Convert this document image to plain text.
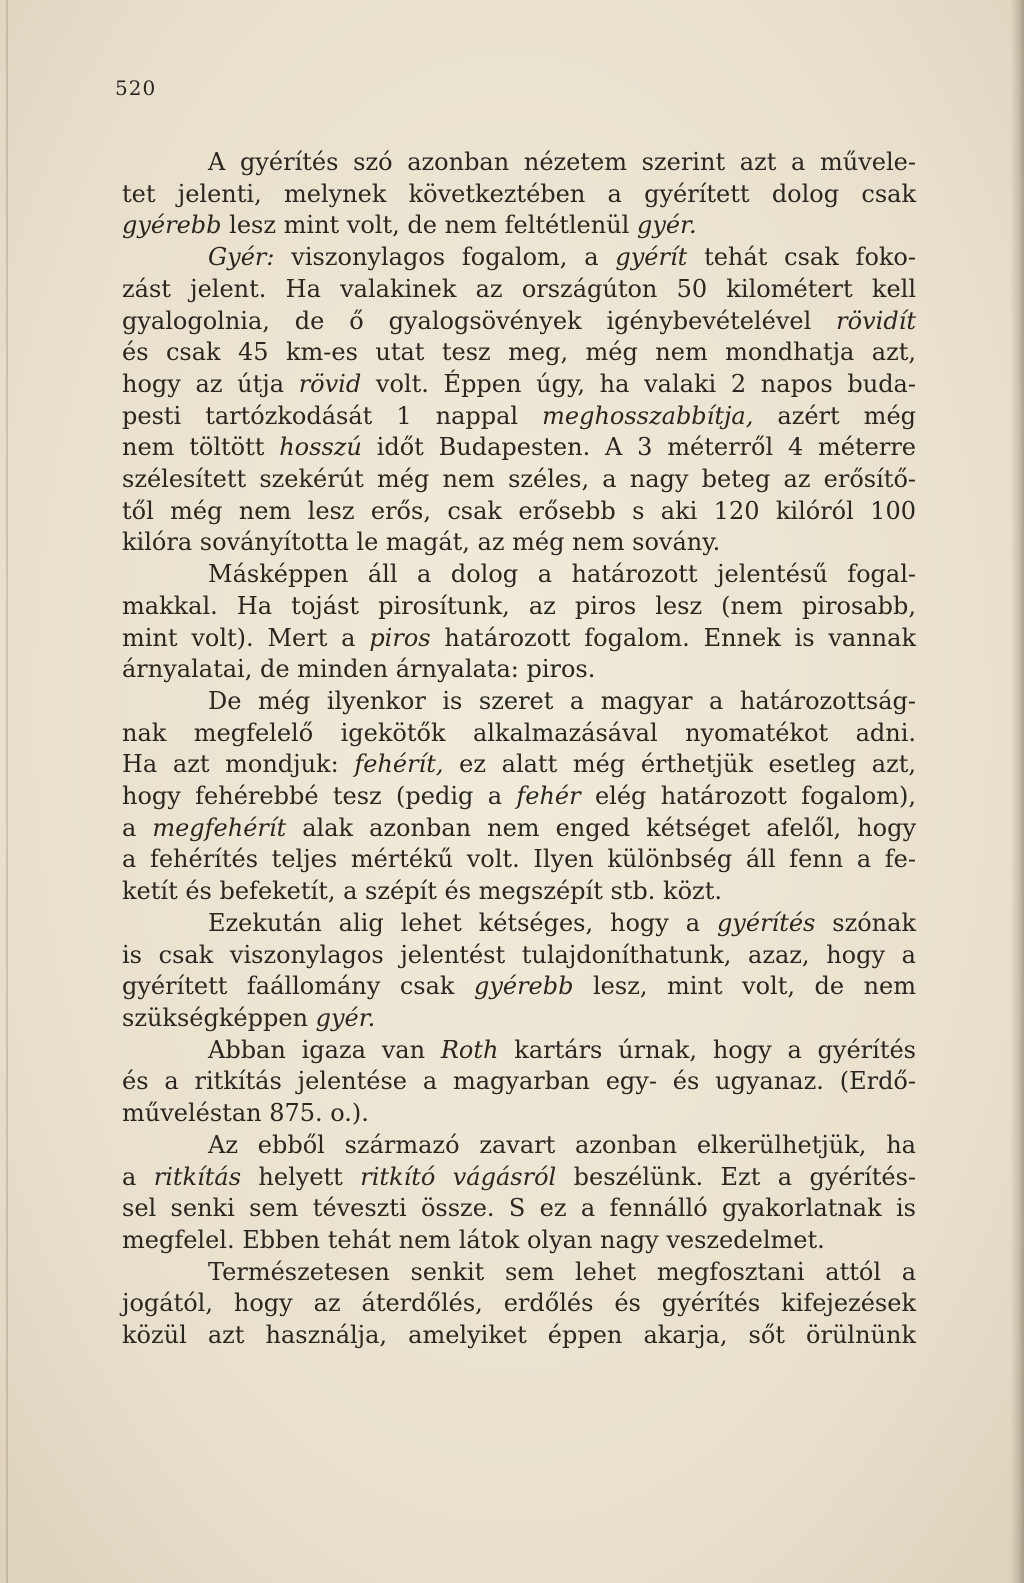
520
A gyérítés szó azonban nézetem szerint azt a művele-
tet jelenti, melynek következtében a gyérített dolog csak
gyérebb lesz mint volt, de nem feltétlenül gyér.
Gyér: viszonylagos fogalom, a gyérít tehát csak foko-
zást jelent. Ha valakinek az országúton 50 kilométert kell
gyalogolnia, de ő gyalogsövények igénybevételével rövidít
és csak 45 km-es utat tesz meg, még nem mondhatja azt,
hogy az útja rövid volt. Éppen úgy, ha valaki 2 napos buda-
pesti tartózkodását 1 nappal meghosszabbítja, azért még
nem töltött hosszú időt Budapesten. A 3 méterről 4 méterre
szélesített szekérút még nem széles, a nagy beteg az erősítő-
től még nem lesz erős, csak erősebb s aki 120 kilóról 100
kilóra soványította le magát, az még nem sovány.
Másképpen áll a dolog a határozott jelentésű fogal-
makkal. Ha tojást pirosítunk, az piros lesz (nem pirosabb,
mint volt). Mert a piros határozott fogalom. Ennek is vannak
árnyalatai, de minden árnyalata: piros.
De még ilyenkor is szeret a magyar a határozottság-
nak megfelelő igekötők alkalmazásával nyomatékot adni.
Ha azt mondjuk: fehérít, ez alatt még érthetjük esetleg azt,
hogy fehérebbé tesz (pedig a fehér elég határozott fogalom),
a megfehérít alak azonban nem enged kétséget afelől, hogy
a fehérítés teljes mértékű volt. Ilyen különbség áll fenn a fe-
ketít és befeketít, a szépít és megszépít stb. közt.
Ezekután alig lehet kétséges, hogy a gyérítés szónak
is csak viszonylagos jelentést tulajdoníthatunk, azaz, hogy a
gyérített faállomány csak gyérebb lesz, mint volt, de nem
szükségképpen gyér.
Abban igaza van Roth kartárs úrnak, hogy a gyérítés
és a ritkítás jelentése a magyarban egy- és ugyanaz. (Erdő-
műveléstan 875. o.).
Az ebből származó zavart azonban elkerülhetjük, ha
a ritkítás helyett ritkító vágásról beszélünk. Ezt a gyérítés-
sel senki sem téveszti össze. S ez a fennálló gyakorlatnak is
megfelel. Ebben tehát nem látok olyan nagy veszedelmet.
Természetesen senkit sem lehet megfosztani attól a
jogától, hogy az áterdőlés, erdőlés és gyérítés kifejezések
közül azt használja, amelyiket éppen akarja, sőt örülnünk
